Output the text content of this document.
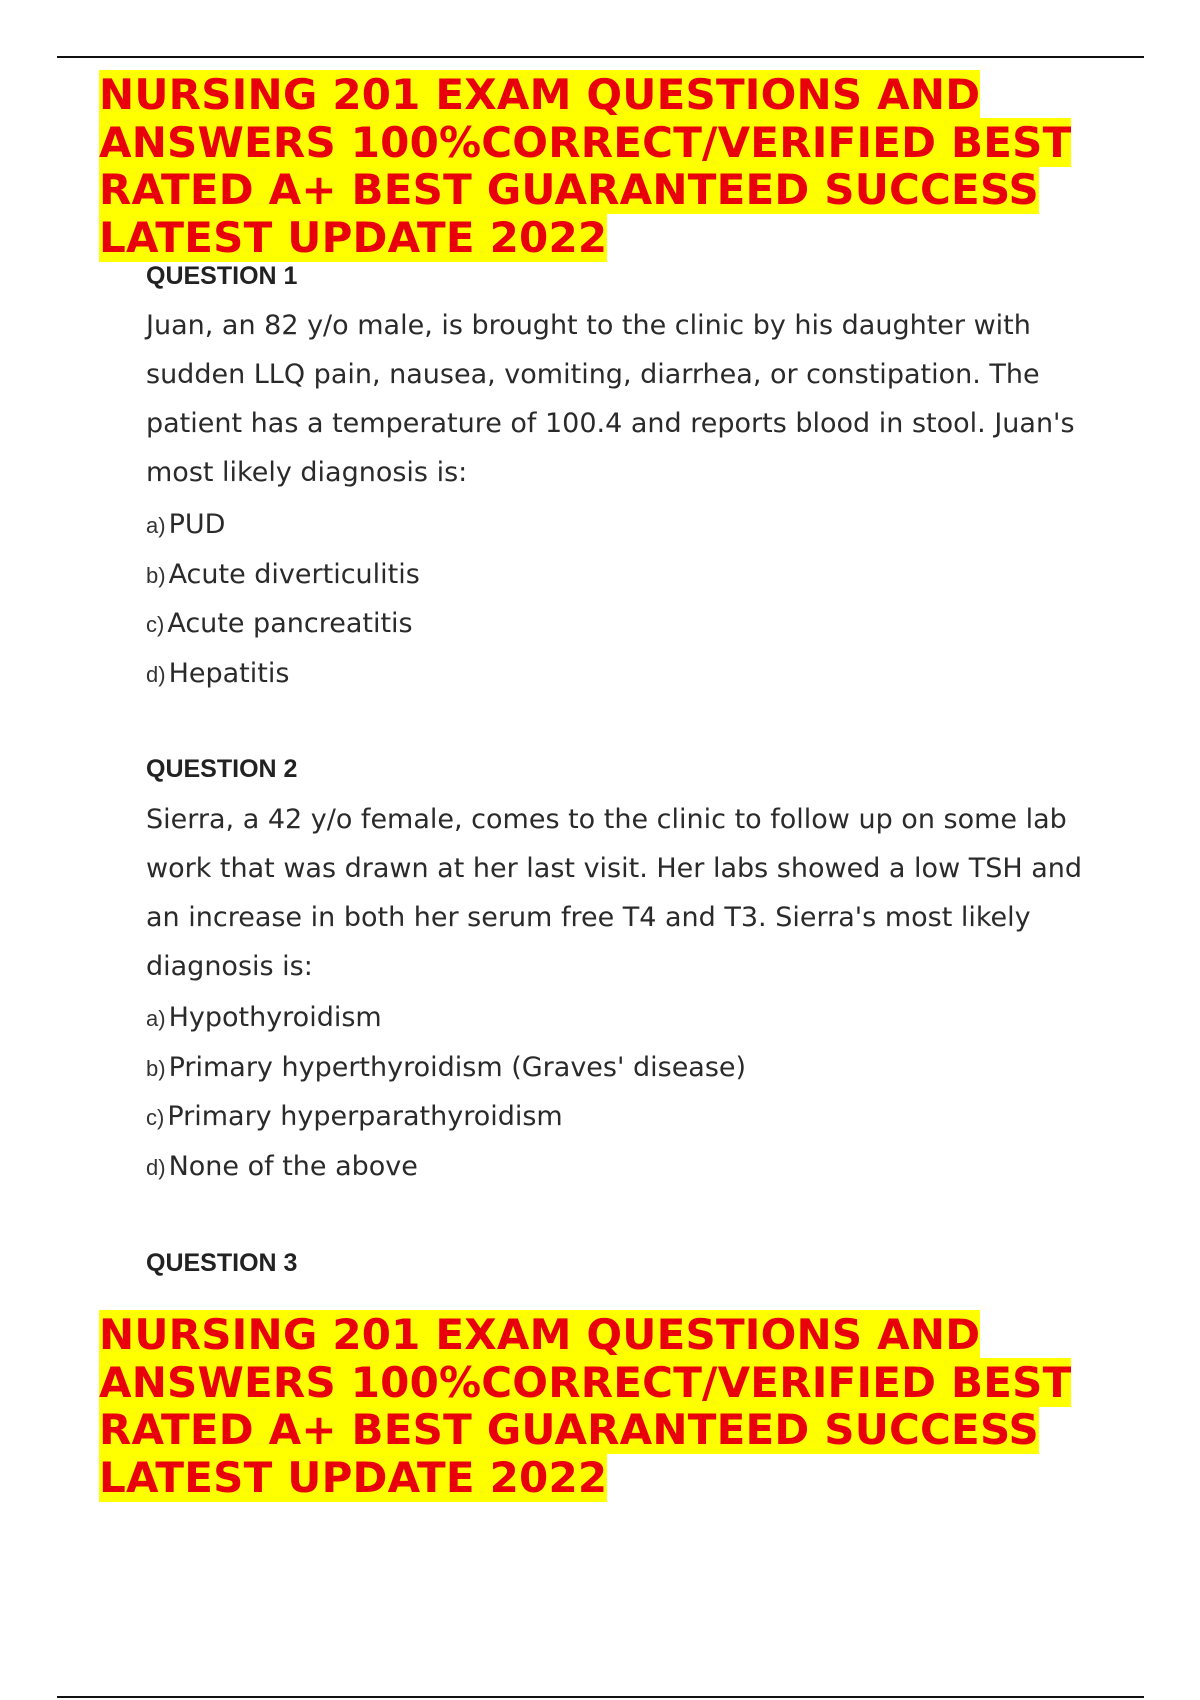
NURSING 201 EXAM QUESTIONS AND ANSWERS 100%CORRECT/VERIFIED BEST RATED A+ BEST GUARANTEED SUCCESS LATEST UPDATE 2022
QUESTION 1

Juan, an 82 y/o male, is brought to the clinic by his daughter with sudden LLQ pain, nausea, vomiting, diarrhea, or constipation. The patient has a temperature of 100.4 and reports blood in stool. Juan's most likely diagnosis is:

a) PUD
b) Acute diverticulitis
c) Acute pancreatitis
d) Hepatitis
QUESTION 2

Sierra, a 42 y/o female, comes to the clinic to follow up on some lab work that was drawn at her last visit. Her labs showed a low TSH and an increase in both her serum free T4 and T3. Sierra's most likely diagnosis is:

a) Hypothyroidism
b) Primary hyperthyroidism (Graves' disease)
c) Primary hyperparathyroidism
d) None of the above
QUESTION 3
NURSING 201 EXAM QUESTIONS AND ANSWERS 100%CORRECT/VERIFIED BEST RATED A+ BEST GUARANTEED SUCCESS LATEST UPDATE 2022
